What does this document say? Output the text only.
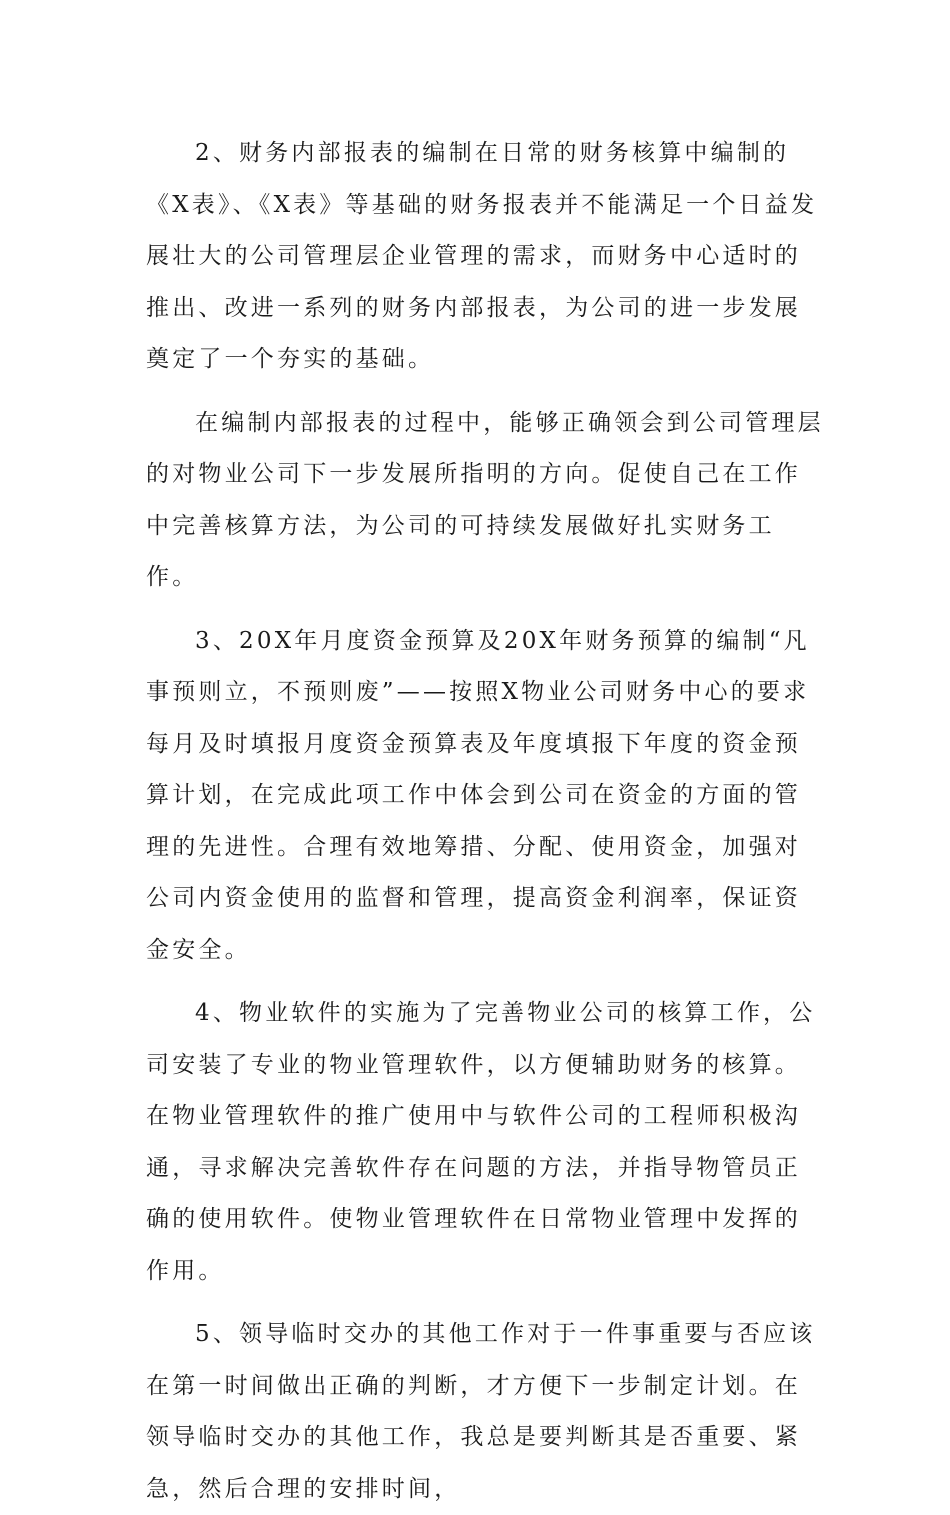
2、财务内部报表的编制在日常的财务核算中编制的《X表》、《X表》等基础的财务报表并不能满足一个日益发展壮大的公司管理层企业管理的需求，而财务中心适时的推出、改进一系列的财务内部报表，为公司的进一步发展奠定了一个夯实的基础。

在编制内部报表的过程中，能够正确领会到公司管理层的对物业公司下一步发展所指明的方向。促使自己在工作中完善核算方法，为公司的可持续发展做好扎实财务工作。

3、20X年月度资金预算及20X年财务预算的编制“凡事预则立，不预则废”——按照X物业公司财务中心的要求每月及时填报月度资金预算表及年度填报下年度的资金预算计划，在完成此项工作中体会到公司在资金的方面的管理的先进性。合理有效地筹措、分配、使用资金，加强对公司内资金使用的监督和管理，提高资金利润率，保证资金安全。

4、物业软件的实施为了完善物业公司的核算工作，公司安装了专业的物业管理软件，以方便辅助财务的核算。在物业管理软件的推广使用中与软件公司的工程师积极沟通，寻求解决完善软件存在问题的方法，并指导物管员正确的使用软件。使物业管理软件在日常物业管理中发挥的作用。

5、领导临时交办的其他工作对于一件事重要与否应该在第一时间做出正确的判断，才方便下一步制定计划。在领导临时交办的其他工作，我总是要判断其是否重要、紧急，然后合理的安排时间，
